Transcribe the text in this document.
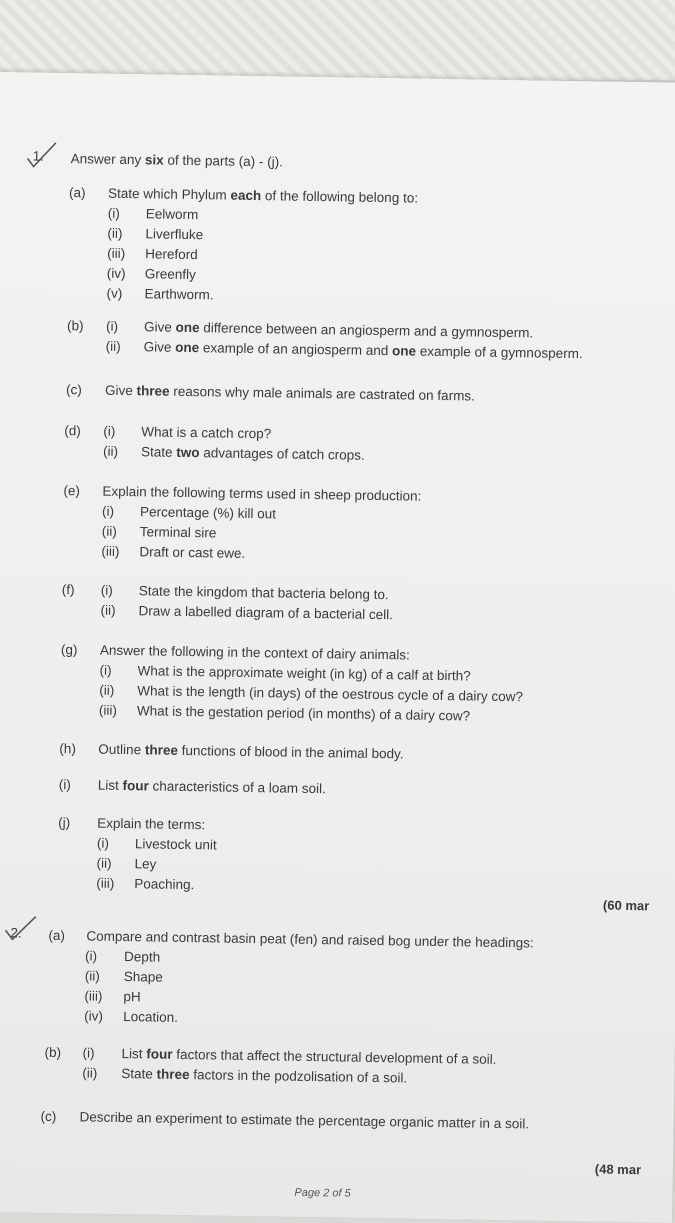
1. Answer any six of the parts (a) - (j).
(a) State which Phylum each of the following belong to:
(i) Eelworm
(ii) Liverfluke
(iii) Hereford
(iv) Greenfly
(v) Earthworm.
(b) (i) Give one difference between an angiosperm and a gymnosperm.
(ii) Give one example of an angiosperm and one example of a gymnosperm.
(c) Give three reasons why male animals are castrated on farms.
(d) (i) What is a catch crop?
(ii) State two advantages of catch crops.
(e) Explain the following terms used in sheep production:
(i) Percentage (%) kill out
(ii) Terminal sire
(iii) Draft or cast ewe.
(f) (i) State the kingdom that bacteria belong to.
(ii) Draw a labelled diagram of a bacterial cell.
(g) Answer the following in the context of dairy animals:
(i) What is the approximate weight (in kg) of a calf at birth?
(ii) What is the length (in days) of the oestrous cycle of a dairy cow?
(iii) What is the gestation period (in months) of a dairy cow?
(h) Outline three functions of blood in the animal body.
(i) List four characteristics of a loam soil.
(j) Explain the terms:
(i) Livestock unit
(ii) Ley
(iii) Poaching.
(60 mar
2. (a) Compare and contrast basin peat (fen) and raised bog under the headings:
(i) Depth
(ii) Shape
(iii) pH
(iv) Location.
(b) (i) List four factors that affect the structural development of a soil.
(ii) State three factors in the podzolisation of a soil.
(c) Describe an experiment to estimate the percentage organic matter in a soil.
(48 mar
Page 2 of 5
